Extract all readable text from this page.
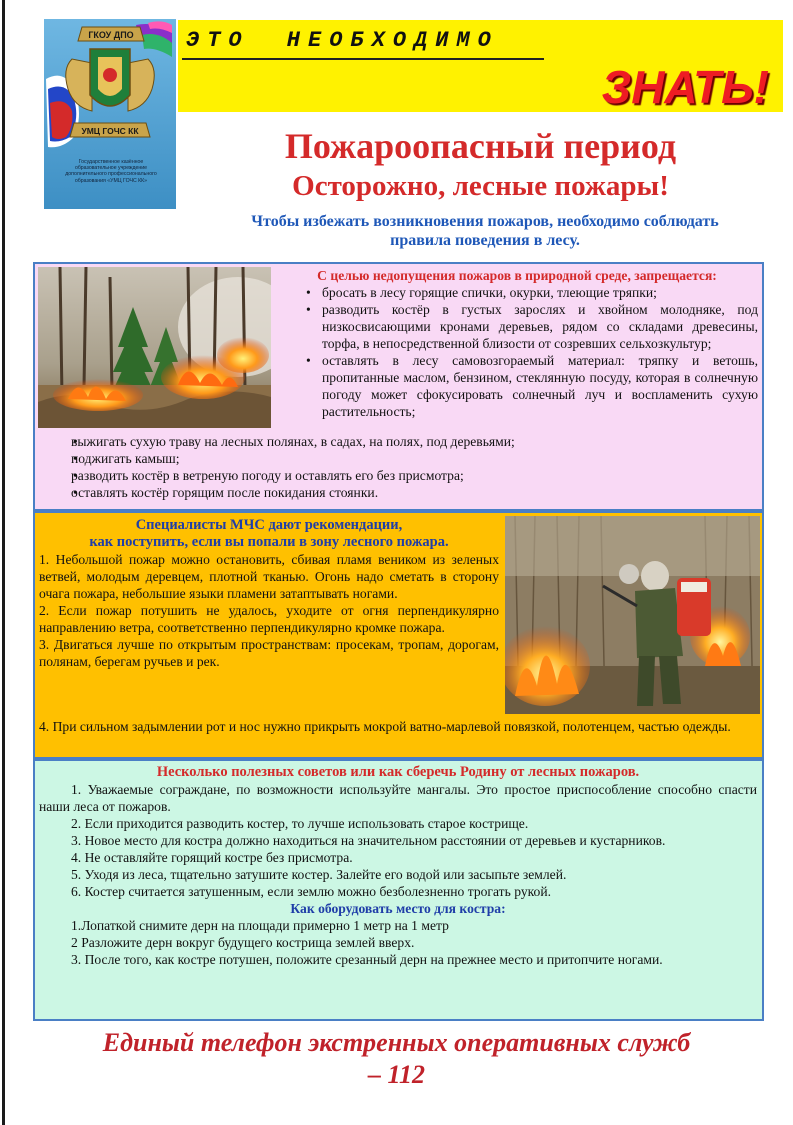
ГКОУ ДПО
УМЦ ГОЧС КК
Государственное казённое образовательное учреждение дополнительного профессионального образования «УМЦ ГОЧС КК»
ЭТО НЕОБХОДИМО
ЗНАТЬ!
Пожароопасный период
Осторожно, лесные пожары!
Чтобы избежать возникновения пожаров, необходимо соблюдать правила поведения в лесу.
С целью недопущения пожаров в природной среде, запрещается:
• бросать в лесу горящие спички, окурки, тлеющие тряпки;
• разводить костёр в густых зарослях и хвойном молодняке, под низкосвисающими кронами деревьев, рядом со складами древесины, торфа, в непосредственной близости от созревших сельхозкультур;
• оставлять в лесу самовозгораемый материал: тряпку и ветошь, пропитанные маслом, бензином, стеклянную посуду, которая в солнечную погоду может сфокусировать солнечный луч и воспламенить сухую растительность;
• выжигать сухую траву на лесных полянах, в садах, на полях, под деревьями;
• поджигать камыш;
• разводить костёр в ветреную погоду и оставлять его без присмотра;
• оставлять костёр горящим после покидания стоянки.
Специалисты МЧС дают рекомендации,
как поступить, если вы попали в зону лесного пожара.
1. Небольшой пожар можно остановить, сбивая пламя веником из зеленых ветвей, молодым деревцем, плотной тканью. Огонь надо сметать в сторону очага пожара, небольшие языки пламени затаптывать ногами.
2. Если пожар потушить не удалось, уходите от огня перпендикулярно направлению ветра, соответственно перпендикулярно кромке пожара.
3. Двигаться лучше по открытым пространствам: просекам, тропам, дорогам, полянам, берегам ручьев и рек.
4. При сильном задымлении рот и нос нужно прикрыть мокрой ватно-марлевой повязкой, полотенцем, частью одежды.
Несколько полезных советов или как сберечь Родину от лесных пожаров.
1. Уважаемые сограждане, по возможности используйте мангалы. Это простое приспособление способно спасти наши леса от пожаров.
2. Если приходится разводить костер, то лучше использовать старое кострище.
3. Новое место для костра должно находиться на значительном расстоянии от деревьев и кустарников.
4. Не оставляйте горящий костре без присмотра.
5. Уходя из леса, тщательно затушите костер. Залейте его водой или засыпьте землей.
6. Костер считается затушенным, если землю можно безболезненно трогать рукой.
Как оборудовать место для костра:
1.Лопаткой снимите дерн на площади примерно 1 метр на 1 метр
2 Разложите дерн вокруг будущего кострища землей вверх.
3. После того, как костре потушен, положите срезанный дерн на прежнее место и притопчите ногами.
Единый телефон экстренных оперативных служб
– 112
